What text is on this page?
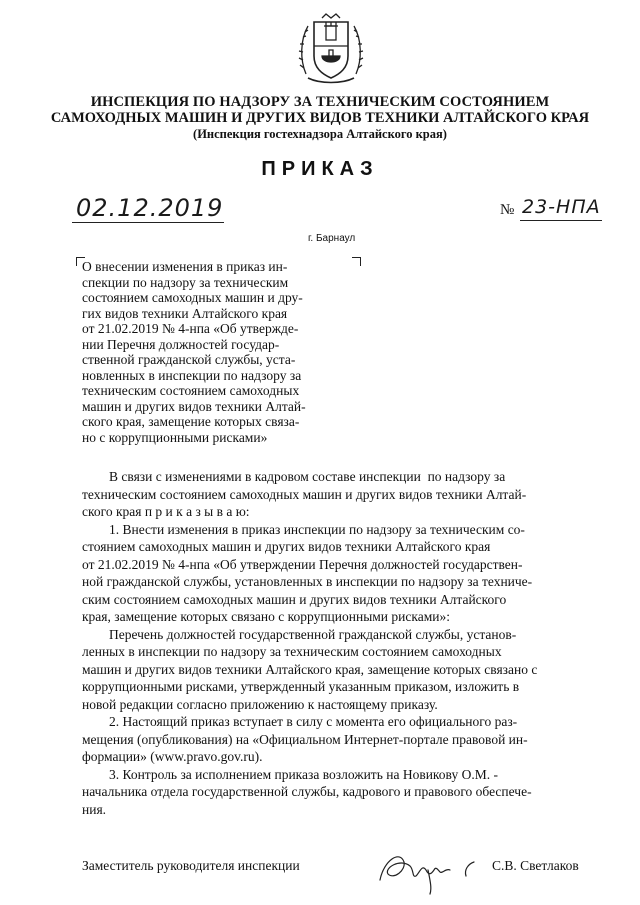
ИНСПЕКЦИЯ ПО НАДЗОРУ ЗА ТЕХНИЧЕСКИМ СОСТОЯНИЕМ
САМОХОДНЫХ МАШИН И ДРУГИХ ВИДОВ ТЕХНИКИ АЛТАЙСКОГО КРАЯ
(Инспекция гостехнадзора Алтайского края)
ПРИКАЗ
02.12.2019	№ 23-НПА
г. Барнаул
О внесении изменения в приказ ин-
спекции по надзору за техническим
состоянием самоходных машин и дру-
гих видов техники Алтайского края
от 21.02.2019 № 4-нпа «Об утвержде-
нии Перечня должностей государ-
ственной гражданской службы, уста-
новленных в инспекции по надзору за
техническим состоянием самоходных
машин и других видов техники Алтай-
ского края, замещение которых связа-
но с коррупционными рисками»
В связи с изменениями в кадровом составе инспекции  по надзору за
техническим состоянием самоходных машин и других видов техники Алтай-
ского края п р и к а з ы в а ю:
1. Внести изменения в приказ инспекции по надзору за техническим со-
стоянием самоходных машин и других видов техники Алтайского края
от 21.02.2019 № 4-нпа «Об утверждении Перечня должностей государствен-
ной гражданской службы, установленных в инспекции по надзору за техниче-
ским состоянием самоходных машин и других видов техники Алтайского
края, замещение которых связано с коррупционными рисками»:
Перечень должностей государственной гражданской службы, установ-
ленных в инспекции по надзору за техническим состоянием самоходных
машин и других видов техники Алтайского края, замещение которых связано с
коррупционными рисками, утвержденный указанным приказом, изложить в
новой редакции согласно приложению к настоящему приказу.
2. Настоящий приказ вступает в силу с момента его официального раз-
мещения (опубликования) на «Официальном Интернет-портале правовой ин-
формации» (www.pravo.gov.ru).
3. Контроль за исполнением приказа возложить на Новикову О.М. -
начальника отдела государственной службы, кадрового и правового обеспече-
ния.
Заместитель руководителя инспекции	С.В. Светлаков
